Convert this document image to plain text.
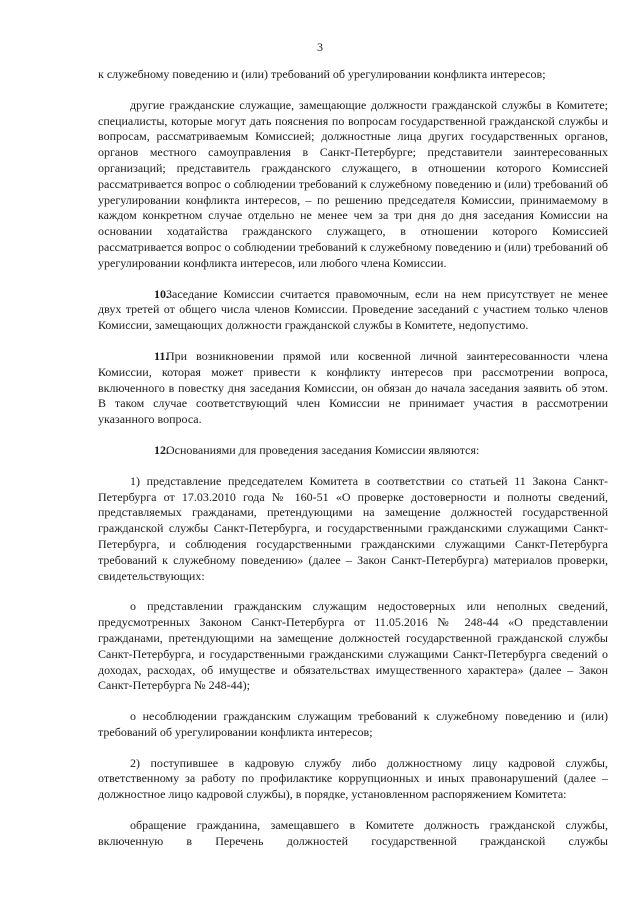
3

к служебному поведению и (или) требований об урегулировании конфликта интересов;

другие гражданские служащие, замещающие должности гражданской службы в Комитете; специалисты, которые могут дать пояснения по вопросам государственной гражданской службы и вопросам, рассматриваемым Комиссией; должностные лица других государственных органов, органов местного самоуправления в Санкт-Петербурге; представители заинтересованных организаций; представитель гражданского служащего, в отношении которого Комиссией рассматривается вопрос о соблюдении требований к служебному поведению и (или) требований об урегулировании конфликта интересов, – по решению председателя Комиссии, принимаемому в каждом конкретном случае отдельно не менее чем за три дня до дня заседания Комиссии на основании ходатайства гражданского служащего, в отношении которого Комиссией рассматривается вопрос о соблюдении требований к служебному поведению и (или) требований об урегулировании конфликта интересов, или любого члена Комиссии.

10.Заседание Комиссии считается правомочным, если на нем присутствует не менее двух третей от общего числа членов Комиссии. Проведение заседаний с участием только членов Комиссии, замещающих должности гражданской службы в Комитете, недопустимо.

11.При возникновении прямой или косвенной личной заинтересованности члена Комиссии, которая может привести к конфликту интересов при рассмотрении вопроса, включенного в повестку дня заседания Комиссии, он обязан до начала заседания заявить об этом. В таком случае соответствующий член Комиссии не принимает участия в рассмотрении указанного вопроса.

12.Основаниями для проведения заседания Комиссии являются:

1) представление председателем Комитета в соответствии со статьей 11 Закона Санкт-Петербурга от 17.03.2010 года № 160-51 «О проверке достоверности и полноты сведений, представляемых гражданами, претендующими на замещение должностей государственной гражданской службы Санкт-Петербурга, и государственными гражданскими служащими Санкт-Петербурга, и соблюдения государственными гражданскими служащими Санкт-Петербурга требований к служебному поведению» (далее – Закон Санкт-Петербурга) материалов проверки, свидетельствующих:

о представлении гражданским служащим недостоверных или неполных сведений, предусмотренных Законом Санкт-Петербурга от 11.05.2016 № 248-44 «О представлении гражданами, претендующими на замещение должностей государственной гражданской службы Санкт-Петербурга, и государственными гражданскими служащими Санкт-Петербурга сведений о доходах, расходах, об имуществе и обязательствах имущественного характера» (далее – Закон Санкт-Петербурга № 248-44);

о несоблюдении гражданским служащим требований к служебному поведению и (или) требований об урегулировании конфликта интересов;

2) поступившее в кадровую службу либо должностному лицу кадровой службы, ответственному за работу по профилактике коррупционных и иных правонарушений (далее – должностное лицо кадровой службы), в порядке, установленном распоряжением Комитета:

обращение гражданина, замещавшего в Комитете должность гражданской службы, включенную в Перечень должностей государственной гражданской службы
